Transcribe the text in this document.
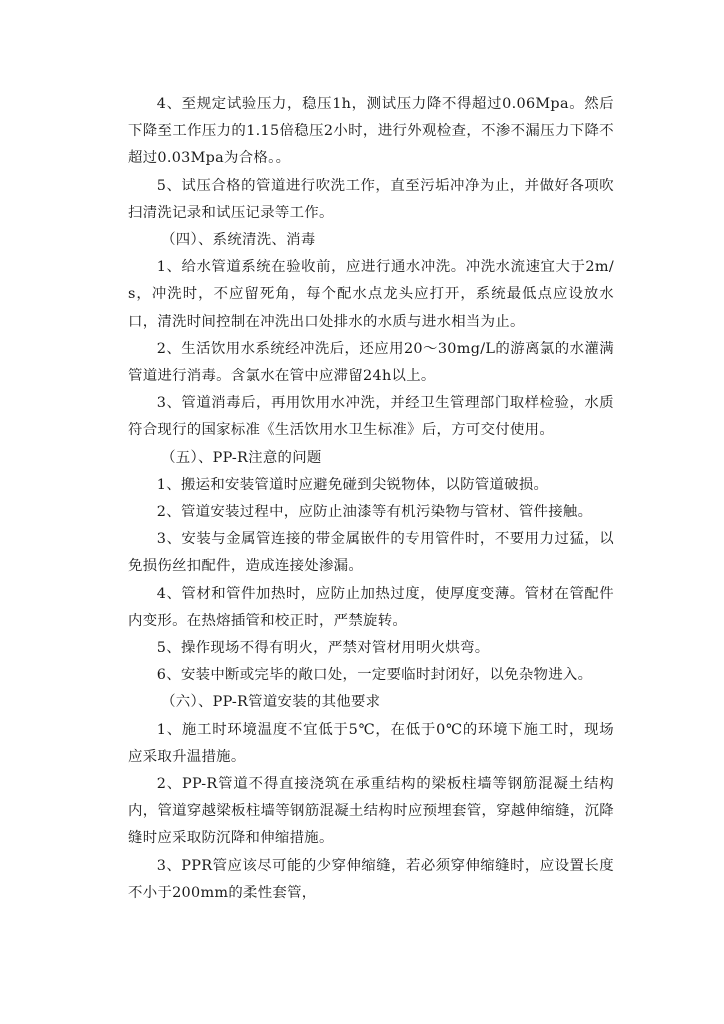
4、至规定试验压力，稳压1h，测试压力降不得超过0.06Mpa。然后下降至工作压力的1.15倍稳压2小时，进行外观检查，不渗不漏压力下降不超过0.03Mpa为合格。。

5、试压合格的管道进行吹洗工作，直至污垢冲净为止，并做好各项吹扫清洗记录和试压记录等工作。

（四）、系统清洗、消毒

1、给水管道系统在验收前，应进行通水冲洗。冲洗水流速宜大于2m/ s，冲洗时，不应留死角，每个配水点龙头应打开，系统最低点应设放水口，清洗时间控制在冲洗出口处排水的水质与进水相当为止。

2、生活饮用水系统经冲洗后，还应用20～30mg/L的游离氯的水灌满管道进行消毒。含氯水在管中应滞留24h以上。

3、管道消毒后，再用饮用水冲洗，并经卫生管理部门取样检验，水质符合现行的国家标准《生活饮用水卫生标准》后，方可交付使用。

（五）、PP-R注意的问题

1、搬运和安装管道时应避免碰到尖锐物体，以防管道破损。

2、管道安装过程中，应防止油漆等有机污染物与管材、管件接触。

3、安装与金属管连接的带金属嵌件的专用管件时，不要用力过猛，以免损伤丝扣配件，造成连接处渗漏。

4、管材和管件加热时，应防止加热过度，使厚度变薄。管材在管配件内变形。在热熔插管和校正时，严禁旋转。

5、操作现场不得有明火，严禁对管材用明火烘弯。

6、安装中断或完毕的敞口处，一定要临时封闭好，以免杂物进入。

（六）、PP-R管道安装的其他要求

1、施工时环境温度不宜低于5℃，在低于0℃的环境下施工时，现场应采取升温措施。

2、PP-R管道不得直接浇筑在承重结构的梁板柱墙等钢筋混凝土结构内，管道穿越梁板柱墙等钢筋混凝土结构时应预埋套管，穿越伸缩缝，沉降缝时应采取防沉降和伸缩措施。

3、PPR管应该尽可能的少穿伸缩缝，若必须穿伸缩缝时，应设置长度不小于200mm的柔性套管，
